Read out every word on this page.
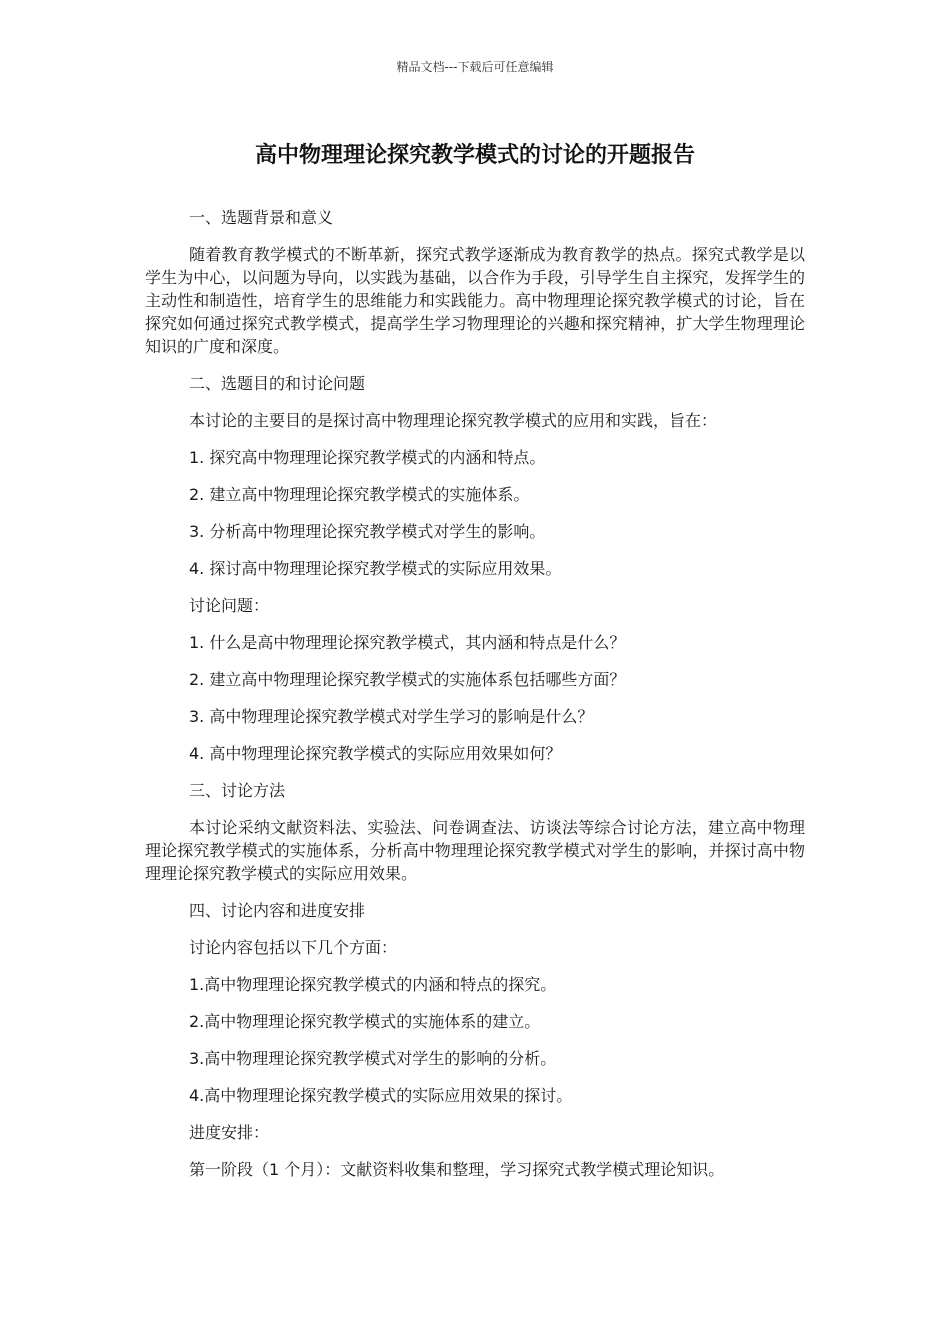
精品文档---下载后可任意编辑
高中物理理论探究教学模式的讨论的开题报告

一、选题背景和意义

随着教育教学模式的不断革新，探究式教学逐渐成为教育教学的热点。探究式教学是以学生为中心，以问题为导向，以实践为基础，以合作为手段，引导学生自主探究，发挥学生的主动性和制造性，培育学生的思维能力和实践能力。高中物理理论探究教学模式的讨论，旨在探究如何通过探究式教学模式，提高学生学习物理理论的兴趣和探究精神，扩大学生物理理论知识的广度和深度。

二、选题目的和讨论问题

本讨论的主要目的是探讨高中物理理论探究教学模式的应用和实践，旨在：

1. 探究高中物理理论探究教学模式的内涵和特点。

2. 建立高中物理理论探究教学模式的实施体系。

3. 分析高中物理理论探究教学模式对学生的影响。

4. 探讨高中物理理论探究教学模式的实际应用效果。

讨论问题：

1. 什么是高中物理理论探究教学模式，其内涵和特点是什么？

2. 建立高中物理理论探究教学模式的实施体系包括哪些方面？

3. 高中物理理论探究教学模式对学生学习的影响是什么？

4. 高中物理理论探究教学模式的实际应用效果如何？

三、讨论方法

本讨论采纳文献资料法、实验法、问卷调查法、访谈法等综合讨论方法，建立高中物理理论探究教学模式的实施体系，分析高中物理理论探究教学模式对学生的影响，并探讨高中物理理论探究教学模式的实际应用效果。

四、讨论内容和进度安排

讨论内容包括以下几个方面：

1.高中物理理论探究教学模式的内涵和特点的探究。

2.高中物理理论探究教学模式的实施体系的建立。

3.高中物理理论探究教学模式对学生的影响的分析。

4.高中物理理论探究教学模式的实际应用效果的探讨。

进度安排：

第一阶段（1 个月）：文献资料收集和整理，学习探究式教学模式理论知识。
